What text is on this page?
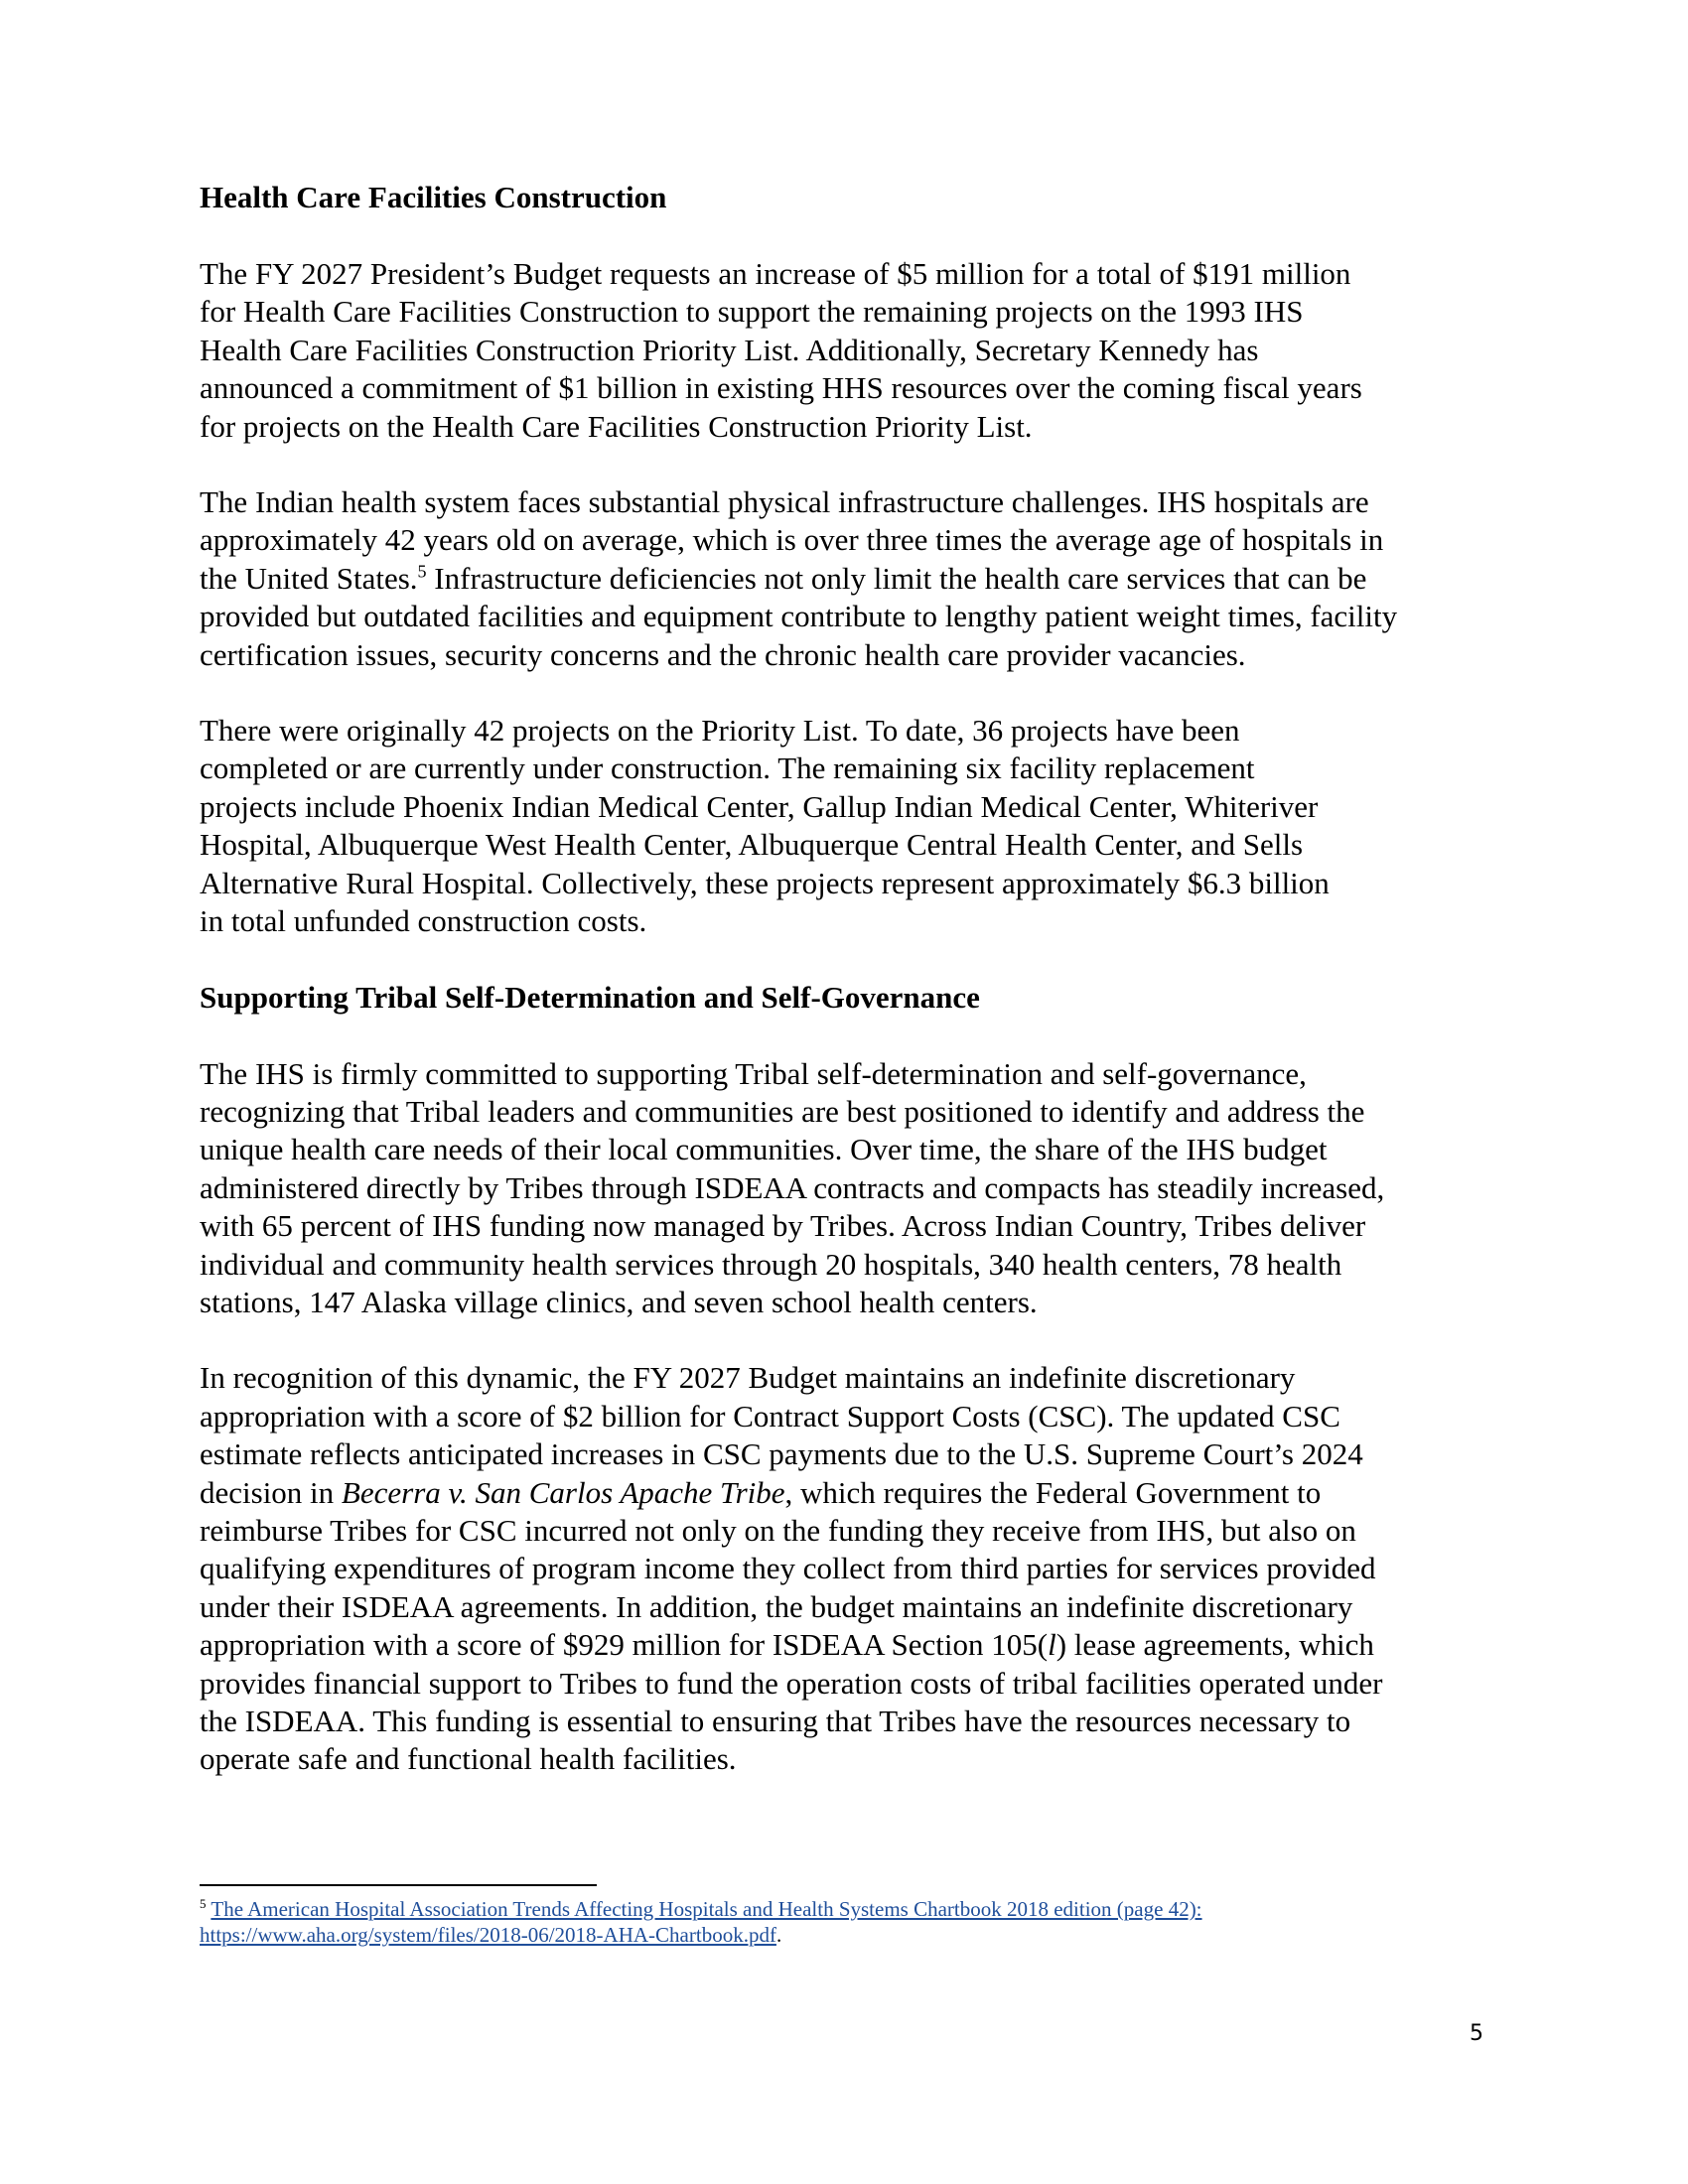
Health Care Facilities Construction

The FY 2027 President’s Budget requests an increase of $5 million for a total of $191 million
for Health Care Facilities Construction to support the remaining projects on the 1993 IHS
Health Care Facilities Construction Priority List. Additionally, Secretary Kennedy has
announced a commitment of $1 billion in existing HHS resources over the coming fiscal years
for projects on the Health Care Facilities Construction Priority List.

The Indian health system faces substantial physical infrastructure challenges. IHS hospitals are
approximately 42 years old on average, which is over three times the average age of hospitals in
the United States.$^5$ Infrastructure deficiencies not only limit the health care services that can be
provided but outdated facilities and equipment contribute to lengthy patient weight times, facility
certification issues, security concerns and the chronic health care provider vacancies.

There were originally 42 projects on the Priority List. To date, 36 projects have been
completed or are currently under construction. The remaining six facility replacement
projects include Phoenix Indian Medical Center, Gallup Indian Medical Center, Whiteriver
Hospital, Albuquerque West Health Center, Albuquerque Central Health Center, and Sells
Alternative Rural Hospital. Collectively, these projects represent approximately $6.3 billion
in total unfunded construction costs.

Supporting Tribal Self-Determination and Self-Governance

The IHS is firmly committed to supporting Tribal self-determination and self-governance,
recognizing that Tribal leaders and communities are best positioned to identify and address the
unique health care needs of their local communities. Over time, the share of the IHS budget
administered directly by Tribes through ISDEAA contracts and compacts has steadily increased,
with 65 percent of IHS funding now managed by Tribes. Across Indian Country, Tribes deliver
individual and community health services through 20 hospitals, 340 health centers, 78 health
stations, 147 Alaska village clinics, and seven school health centers.

In recognition of this dynamic, the FY 2027 Budget maintains an indefinite discretionary
appropriation with a score of $2 billion for Contract Support Costs (CSC). The updated CSC
estimate reflects anticipated increases in CSC payments due to the U.S. Supreme Court’s 2024
decision in Becerra v. San Carlos Apache Tribe, which requires the Federal Government to
reimburse Tribes for CSC incurred not only on the funding they receive from IHS, but also on
qualifying expenditures of program income they collect from third parties for services provided
under their ISDEAA agreements. In addition, the budget maintains an indefinite discretionary
appropriation with a score of $929 million for ISDEAA Section 105(l) lease agreements, which
provides financial support to Tribes to fund the operation costs of tribal facilities operated under
the ISDEAA. This funding is essential to ensuring that Tribes have the resources necessary to
operate safe and functional health facilities.

$^5$ The American Hospital Association Trends Affecting Hospitals and Health Systems Chartbook 2018 edition (page 42):
https://www.aha.org/system/files/2018-06/2018-AHA-Chartbook.pdf.
5
